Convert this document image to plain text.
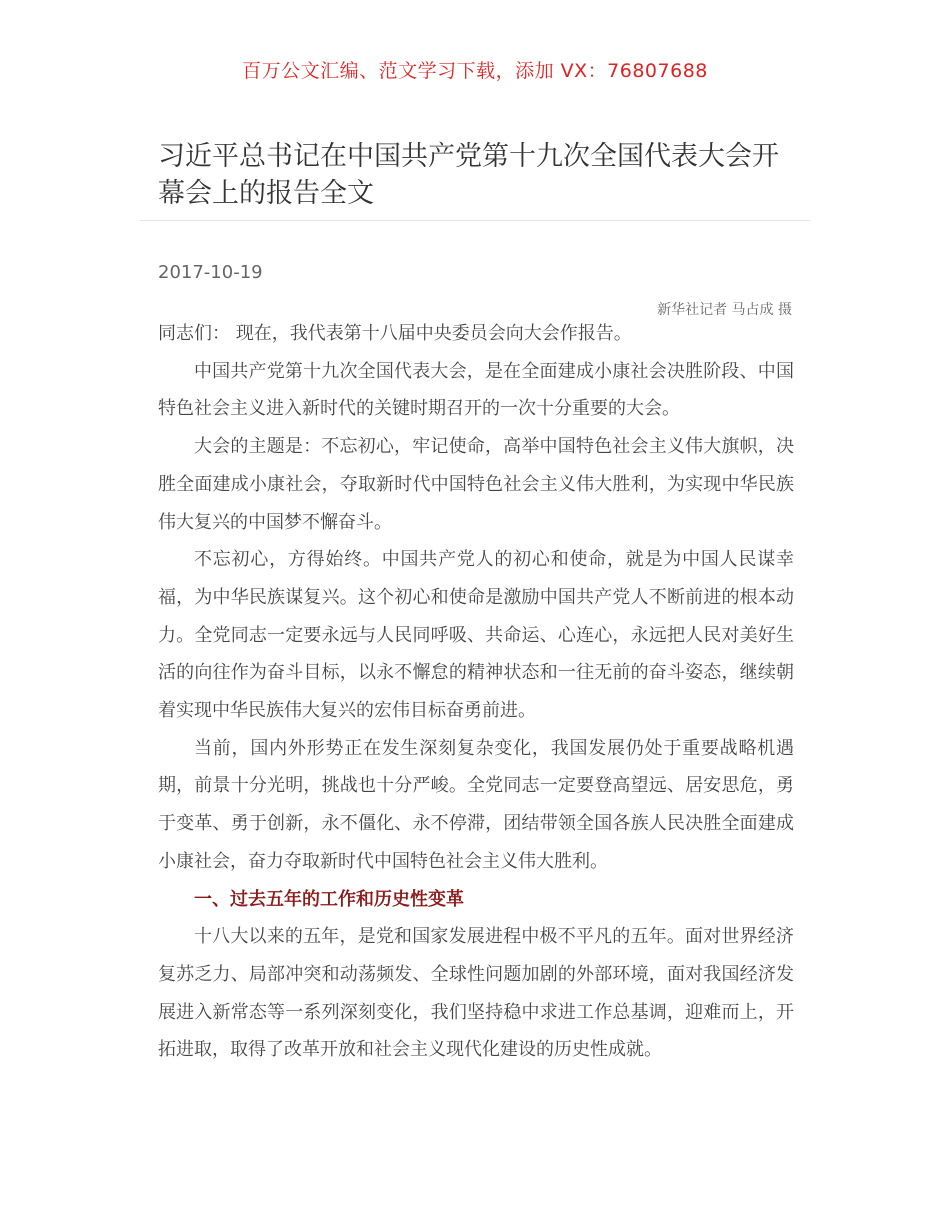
百万公文汇编、范文学习下载，添加 VX：76807688
习近平总书记在中国共产党第十九次全国代表大会开幕会上的报告全文
2017-10-19
新华社记者 马占成 摄

同志们： 现在，我代表第十八届中央委员会向大会作报告。

中国共产党第十九次全国代表大会，是在全面建成小康社会决胜阶段、中国特色社会主义进入新时代的关键时期召开的一次十分重要的大会。

大会的主题是：不忘初心，牢记使命，高举中国特色社会主义伟大旗帜，决胜全面建成小康社会，夺取新时代中国特色社会主义伟大胜利，为实现中华民族伟大复兴的中国梦不懈奋斗。

不忘初心，方得始终。中国共产党人的初心和使命，就是为中国人民谋幸福，为中华民族谋复兴。这个初心和使命是激励中国共产党人不断前进的根本动力。全党同志一定要永远与人民同呼吸、共命运、心连心，永远把人民对美好生活的向往作为奋斗目标，以永不懈怠的精神状态和一往无前的奋斗姿态，继续朝着实现中华民族伟大复兴的宏伟目标奋勇前进。

当前，国内外形势正在发生深刻复杂变化，我国发展仍处于重要战略机遇期，前景十分光明，挑战也十分严峻。全党同志一定要登高望远、居安思危，勇于变革、勇于创新，永不僵化、永不停滞，团结带领全国各族人民决胜全面建成小康社会，奋力夺取新时代中国特色社会主义伟大胜利。

一、过去五年的工作和历史性变革

十八大以来的五年，是党和国家发展进程中极不平凡的五年。面对世界经济复苏乏力、局部冲突和动荡频发、全球性问题加剧的外部环境，面对我国经济发展进入新常态等一系列深刻变化，我们坚持稳中求进工作总基调，迎难而上，开拓进取，取得了改革开放和社会主义现代化建设的历史性成就。
